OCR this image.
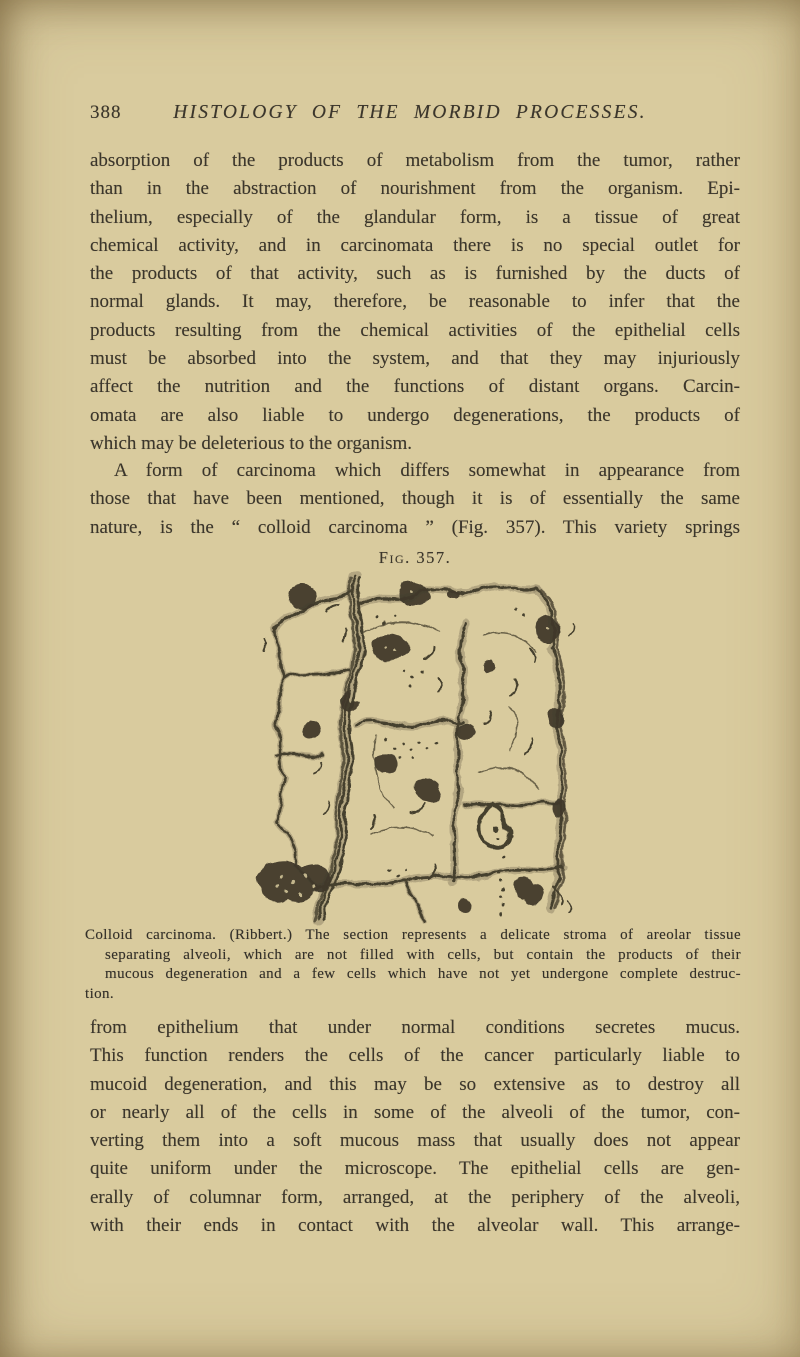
388	HISTOLOGY OF THE MORBID PROCESSES.
absorption of the products of metabolism from the tumor, rather
than in the abstraction of nourishment from the organism. Epi-
thelium, especially of the glandular form, is a tissue of great
chemical activity, and in carcinomata there is no special outlet for
the products of that activity, such as is furnished by the ducts of
normal glands. It may, therefore, be reasonable to infer that the
products resulting from the chemical activities of the epithelial cells
must be absorbed into the system, and that they may injuriously
affect the nutrition and the functions of distant organs. Carcin-
omata are also liable to undergo degenerations, the products of
which may be deleterious to the organism.
A form of carcinoma which differs somewhat in appearance from
those that have been mentioned, though it is of essentially the same
nature, is the “ colloid carcinoma ” (Fig. 357). This variety springs
Fig. 357.
Colloid carcinoma. (Ribbert.) The section represents a delicate stroma of areolar tissue
separating alveoli, which are not filled with cells, but contain the products of their
mucous degeneration and a few cells which have not yet undergone complete destruc-
tion.
from epithelium that under normal conditions secretes mucus.
This function renders the cells of the cancer particularly liable to
mucoid degeneration, and this may be so extensive as to destroy all
or nearly all of the cells in some of the alveoli of the tumor, con-
verting them into a soft mucous mass that usually does not appear
quite uniform under the microscope. The epithelial cells are gen-
erally of columnar form, arranged, at the periphery of the alveoli,
with their ends in contact with the alveolar wall. This arrange-
